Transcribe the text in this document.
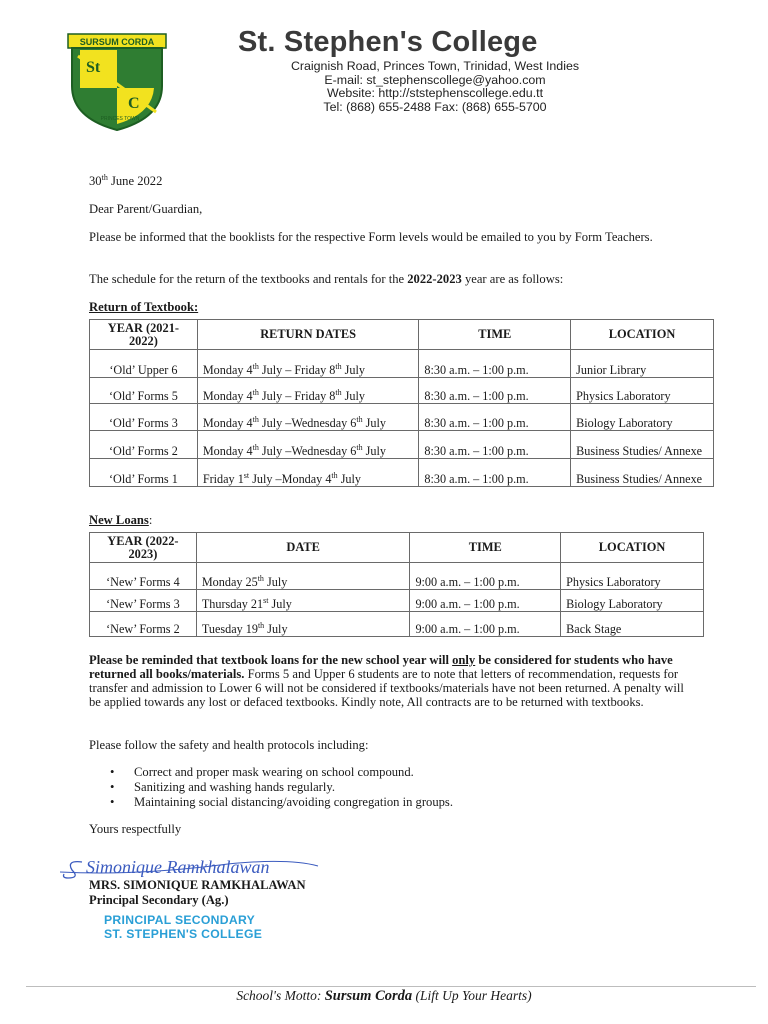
SURSUM CORDA
St
S
C
PRINCES TOWN
St. Stephen's College
Craignish Road, Princes Town, Trinidad, West Indies
E-mail: st_stephenscollege@yahoo.com
Website: http://ststephenscollege.edu.tt
Tel: (868) 655-2488 Fax: (868) 655-5700
30th June 2022
Dear Parent/Guardian,
Please be informed that the booklists for the respective Form levels would be emailed to you by Form Teachers.
The schedule for the return of the textbooks and rentals for the 2022-2023 year are as follows:
Return of Textbook:
YEAR (2021-2022)	RETURN DATES	TIME	LOCATION
‘Old’ Upper 6	Monday 4th July – Friday 8th July	8:30 a.m. – 1:00 p.m.	Junior Library
‘Old’ Forms 5	Monday 4th July – Friday 8th July	8:30 a.m. – 1:00 p.m.	Physics Laboratory
‘Old’ Forms 3	Monday 4th July –Wednesday 6th July	8:30 a.m. – 1:00 p.m.	Biology Laboratory
‘Old’ Forms 2	Monday 4th July –Wednesday 6th July	8:30 a.m. – 1:00 p.m.	Business Studies/ Annexe
‘Old’ Forms 1	Friday 1st July –Monday 4th July	8:30 a.m. – 1:00 p.m.	Business Studies/ Annexe
New Loans:
YEAR (2022-2023)	DATE	TIME	LOCATION
‘New’ Forms 4	Monday 25th July	9:00 a.m. – 1:00 p.m.	Physics Laboratory
‘New’ Forms 3	Thursday 21st July	9:00 a.m. – 1:00 p.m.	Biology Laboratory
‘New’ Forms 2	Tuesday 19th July	9:00 a.m. – 1:00 p.m.	Back Stage
Please be reminded that textbook loans for the new school year will only be considered for students who have returned all books/materials. Forms 5 and Upper 6 students are to note that letters of recommendation, requests for transfer and admission to Lower 6 will not be considered if textbooks/materials have not been returned. A penalty will be applied towards any lost or defaced textbooks. Kindly note, All contracts are to be returned with textbooks.
Please follow the safety and health protocols including:
• Correct and proper mask wearing on school compound.
• Sanitizing and washing hands regularly.
• Maintaining social distancing/avoiding congregation in groups.
Yours respectfully
Simonique Ramkhalawan
MRS. SIMONIQUE RAMKHALAWAN
Principal Secondary (Ag.)
PRINCIPAL SECONDARY
ST. STEPHEN'S COLLEGE
School's Motto: Sursum Corda (Lift Up Your Hearts)
